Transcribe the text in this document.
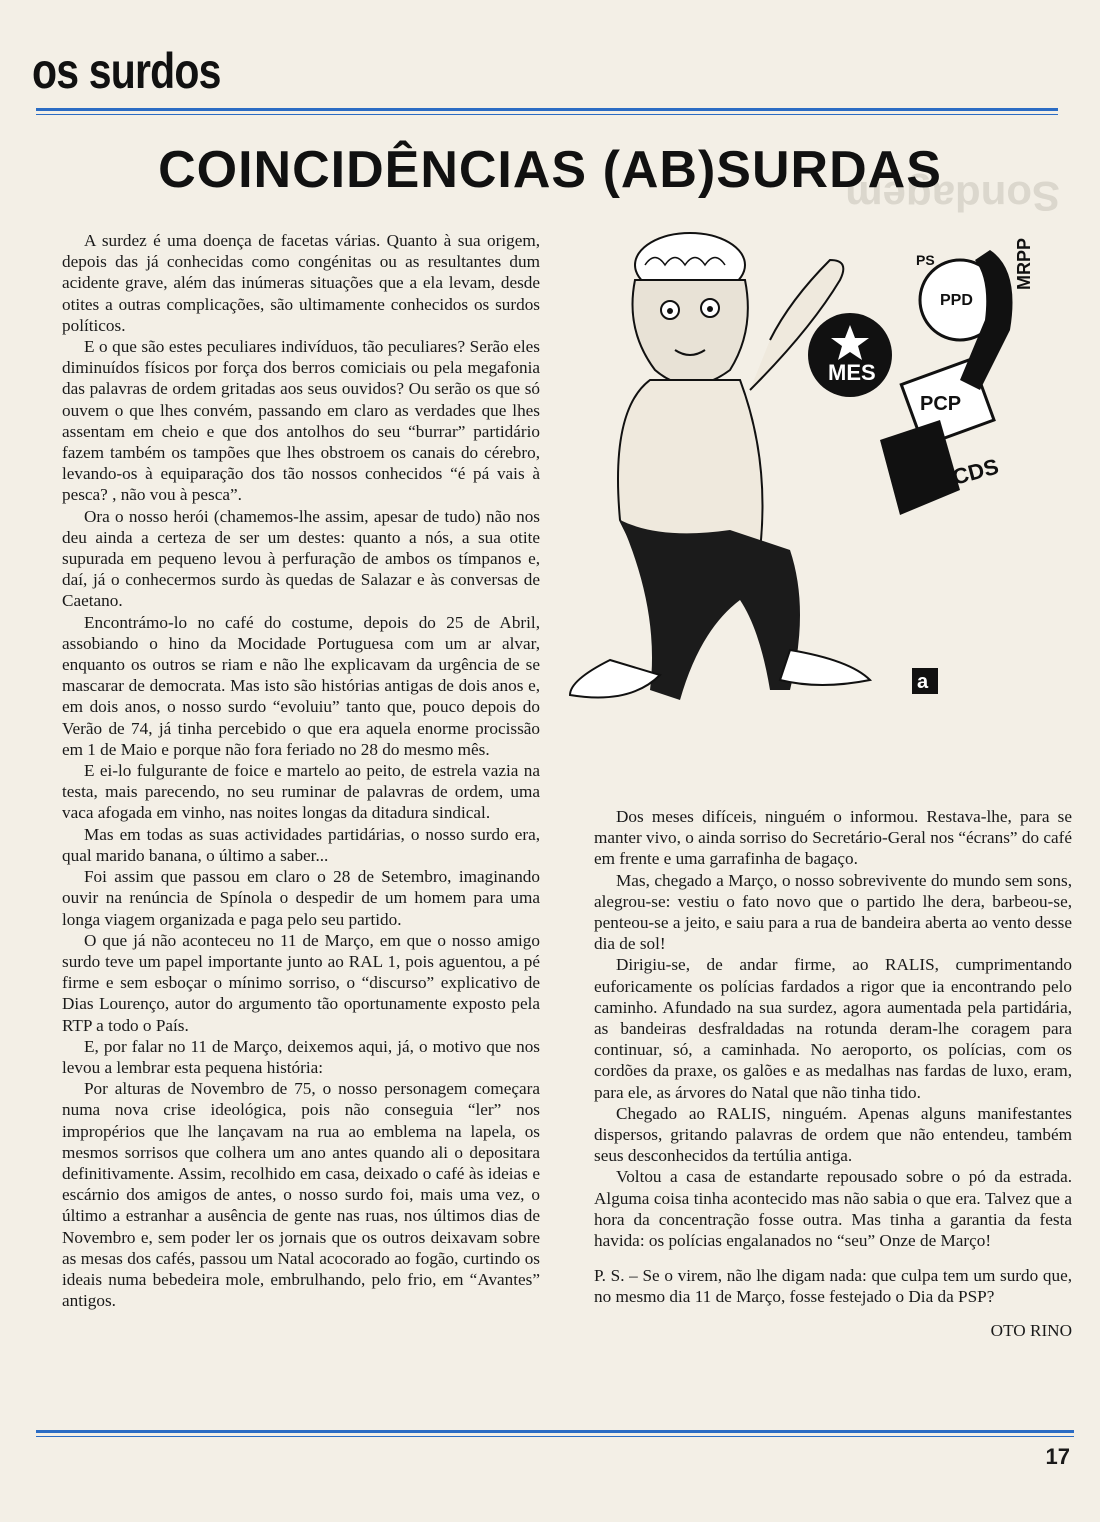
Sondagem
os surdos
COINCIDÊNCIAS (AB)SURDAS

A surdez é uma doença de facetas várias. Quanto à sua origem, depois das já conhecidas como congénitas ou as resultantes dum acidente grave, além das inúmeras situações que a ela levam, desde otites a outras complicações, são ultimamente conhecidos os surdos políticos.

E o que são estes peculiares indivíduos, tão peculiares? Serão eles diminuídos físicos por força dos berros comiciais ou pela megafonia das palavras de ordem gritadas aos seus ouvidos? Ou serão os que só ouvem o que lhes convém, passando em claro as verdades que lhes assentam em cheio e que dos antolhos do seu “burrar” partidário fazem também os tampões que lhes obstroem os canais do cérebro, levando-os à equiparação dos tão nossos conhecidos “é pá vais à pesca? , não vou à pesca”.

Ora o nosso herói (chamemos-lhe assim, apesar de tudo) não nos deu ainda a certeza de ser um destes: quanto a nós, a sua otite supurada em pequeno levou à perfuração de ambos os tímpanos e, daí, já o conhecermos surdo às quedas de Salazar e às conversas de Caetano.

Encontrámo-lo no café do costume, depois do 25 de Abril, assobiando o hino da Mocidade Portuguesa com um ar alvar, enquanto os outros se riam e não lhe explicavam da urgência de se mascarar de democrata. Mas isto são histórias antigas de dois anos e, em dois anos, o nosso surdo “evoluiu” tanto que, pouco depois do Verão de 74, já tinha percebido o que era aquela enorme procissão em 1 de Maio e porque não fora feriado no 28 do mesmo mês.

E ei-lo fulgurante de foice e martelo ao peito, de estrela vazia na testa, mais parecendo, no seu ruminar de palavras de ordem, uma vaca afogada em vinho, nas noites longas da ditadura sindical.

Mas em todas as suas actividades partidárias, o nosso surdo era, qual marido banana, o último a saber...

Foi assim que passou em claro o 28 de Setembro, imaginando ouvir na renúncia de Spínola o despedir de um homem para uma longa viagem organizada e paga pelo seu partido.

O que já não aconteceu no 11 de Março, em que o nosso amigo surdo teve um papel importante junto ao RAL 1, pois aguentou, a pé firme e sem esboçar o mínimo sorriso, o “discurso” explicativo de Dias Lourenço, autor do argumento tão oportunamente exposto pela RTP a todo o País.

E, por falar no 11 de Março, deixemos aqui, já, o motivo que nos levou a lembrar esta pequena história:

Por alturas de Novembro de 75, o nosso personagem começara numa nova crise ideológica, pois não conseguia “ler” nos impropérios que lhe lançavam na rua ao emblema na lapela, os mesmos sorrisos que colhera um ano antes quando ali o depositara definitivamente. Assim, recolhido em casa, deixado o café às ideias e escárnio dos amigos de antes, o nosso surdo foi, mais uma vez, o último a estranhar a ausência de gente nas ruas, nos últimos dias de Novembro e, sem poder ler os jornais que os outros deixavam sobre as mesas dos cafés, passou um Natal acocorado ao fogão, curtindo os ideais numa bebedeira mole, embrulhando, pelo frio, em “Avantes” antigos.

MES
PCP
CDS
MRPP
PPD
PS
a

Dos meses difíceis, ninguém o informou. Restava-lhe, para se manter vivo, o ainda sorriso do Secretário-Geral nos “écrans” do café em frente e uma garrafinha de bagaço.

Mas, chegado a Março, o nosso sobrevivente do mundo sem sons, alegrou-se: vestiu o fato novo que o partido lhe dera, barbeou-se, penteou-se a jeito, e saiu para a rua de bandeira aberta ao vento desse dia de sol!

Dirigiu-se, de andar firme, ao RALIS, cumprimentando euforicamente os polícias fardados a rigor que ia encontrando pelo caminho. Afundado na sua surdez, agora aumentada pela partidária, as bandeiras desfraldadas na rotunda deram-lhe coragem para continuar, só, a caminhada. No aeroporto, os polícias, com os cordões da praxe, os galões e as medalhas nas fardas de luxo, eram, para ele, as árvores do Natal que não tinha tido.

Chegado ao RALIS, ninguém. Apenas alguns manifestantes dispersos, gritando palavras de ordem que não entendeu, também seus desconhecidos da tertúlia antiga.

Voltou a casa de estandarte repousado sobre o pó da estrada. Alguma coisa tinha acontecido mas não sabia o que era. Talvez que a hora da concentração fosse outra. Mas tinha a garantia da festa havida: os polícias engalanados no “seu” Onze de Março!

P. S. – Se o virem, não lhe digam nada: que culpa tem um surdo que, no mesmo dia 11 de Março, fosse festejado o Dia da PSP?

OTO RINO

17
